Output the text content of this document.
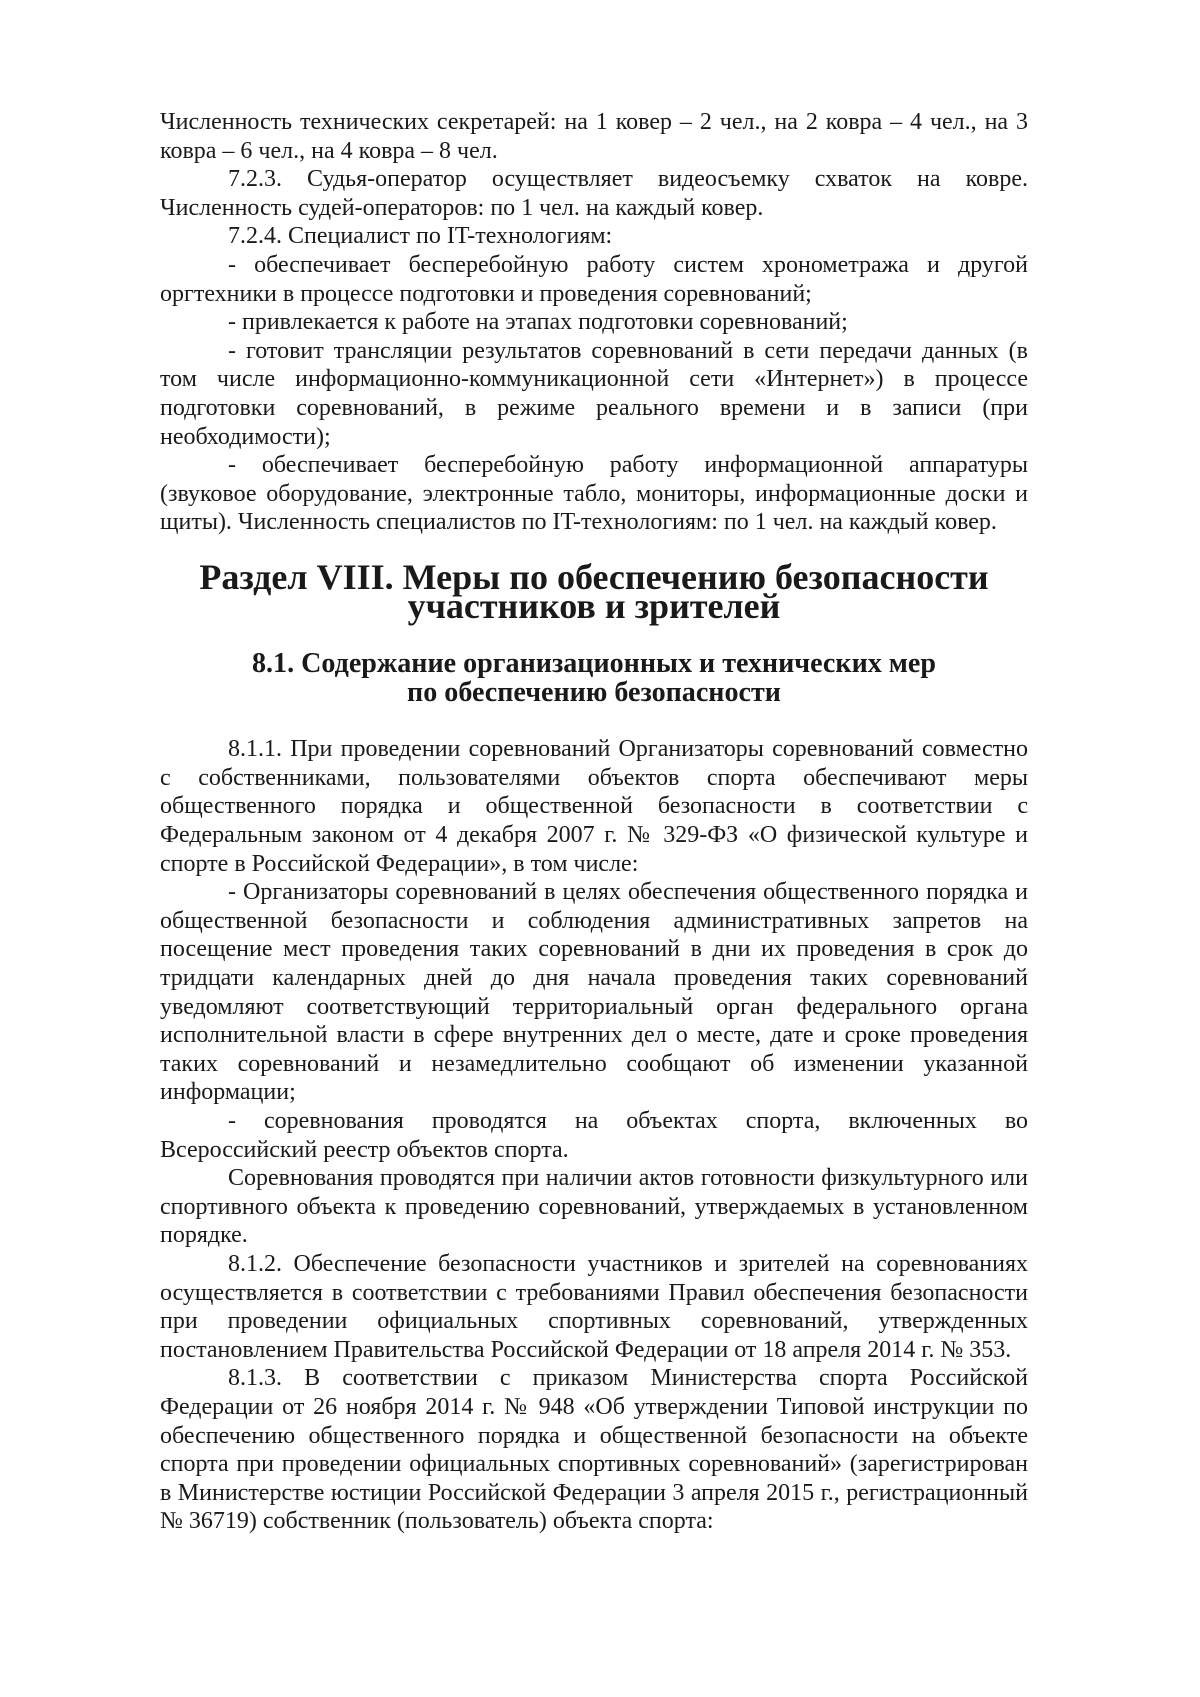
Численность технических секретарей: на 1 ковер – 2 чел., на 2 ковра – 4 чел., на 3 ковра – 6 чел., на 4 ковра – 8 чел.

7.2.3. Судья-оператор осуществляет видеосъемку схваток на ковре. Численность судей-операторов: по 1 чел. на каждый ковер.

7.2.4. Специалист по IT-технологиям:

- обеспечивает бесперебойную работу систем хронометража и другой оргтехники в процессе подготовки и проведения соревнований;

- привлекается к работе на этапах подготовки соревнований;

- готовит трансляции результатов соревнований в сети передачи данных (в том числе информационно-коммуникационной сети «Интернет») в процессе подготовки соревнований, в режиме реального времени и в записи (при необходимости);

- обеспечивает бесперебойную работу информационной аппаратуры (звуковое оборудование, электронные табло, мониторы, информационные доски и щиты). Численность специалистов по IT-технологиям: по 1 чел. на каждый ковер.

Раздел VIII. Меры по обеспечению безопасности участников и зрителей
8.1. Содержание организационных и технических мер
по обеспечению безопасности

8.1.1. При проведении соревнований Организаторы соревнований совместно с собственниками, пользователями объектов спорта обеспечивают меры общественного порядка и общественной безопасности в соответствии с Федеральным законом от 4 декабря 2007 г. № 329-ФЗ «О физической культуре и спорте в Российской Федерации», в том числе:

- Организаторы соревнований в целях обеспечения общественного порядка и общественной безопасности и соблюдения административных запретов на посещение мест проведения таких соревнований в дни их проведения в срок до тридцати календарных дней до дня начала проведения таких соревнований уведомляют соответствующий территориальный орган федерального органа исполнительной власти в сфере внутренних дел о месте, дате и сроке проведения таких соревнований и незамедлительно сообщают об изменении указанной информации;

- соревнования проводятся на объектах спорта, включенных во Всероссийский реестр объектов спорта.

Соревнования проводятся при наличии актов готовности физкультурного или спортивного объекта к проведению соревнований, утверждаемых в установленном порядке.

8.1.2. Обеспечение безопасности участников и зрителей на соревнованиях осуществляется в соответствии с требованиями Правил обеспечения безопасности при проведении официальных спортивных соревнований, утвержденных постановлением Правительства Российской Федерации от 18 апреля 2014 г. № 353.

8.1.3. В соответствии с приказом Министерства спорта Российской Федерации от 26 ноября 2014 г. № 948 «Об утверждении Типовой инструкции по обеспечению общественного порядка и общественной безопасности на объекте спорта при проведении официальных спортивных соревнований» (зарегистрирован в Министерстве юстиции Российской Федерации 3 апреля 2015 г., регистрационный № 36719) собственник (пользователь) объекта спорта:
